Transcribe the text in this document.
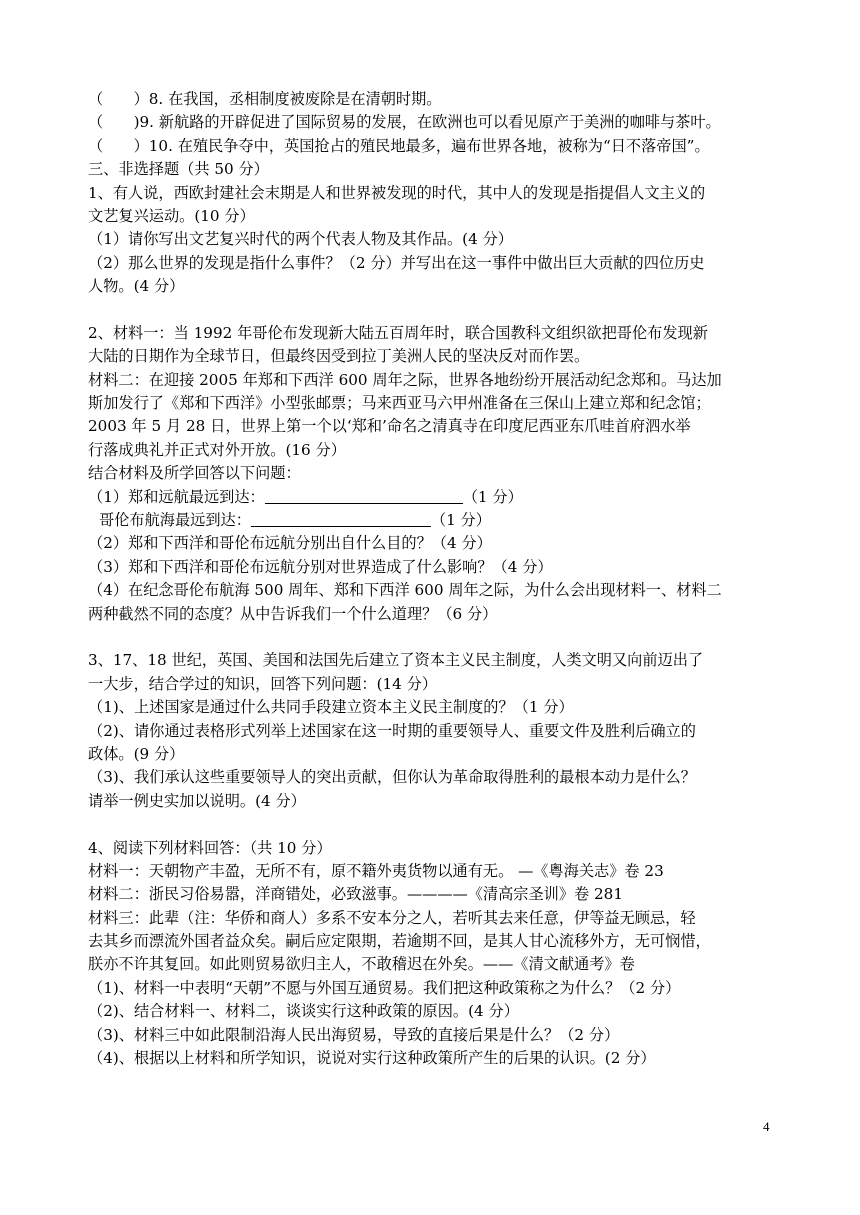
（　　）8. 在我国，丞相制度被废除是在清朝时期。
（　　)9. 新航路的开辟促进了国际贸易的发展，在欧洲也可以看见原产于美洲的咖啡与茶叶。
（　　）10. 在殖民争夺中，英国抢占的殖民地最多，遍布世界各地，被称为“日不落帝国”。
三、非选择题（共 50 分）
1、有人说，西欧封建社会末期是人和世界被发现的时代，其中人的发现是指提倡人文主义的
文艺复兴运动。(10 分）
（1）请你写出文艺复兴时代的两个代表人物及其作品。(4 分）
（2）那么世界的发现是指什么事件？（2 分）并写出在这一事件中做出巨大贡献的四位历史
人物。(4 分）
2、材料一：当 1992 年哥伦布发现新大陆五百周年时，联合国教科文组织欲把哥伦布发现新
大陆的日期作为全球节日，但最终因受到拉丁美洲人民的坚决反对而作罢。
材料二：在迎接 2005 年郑和下西洋 600 周年之际，世界各地纷纷开展活动纪念郑和。马达加
斯加发行了《郑和下西洋》小型张邮票；马来西亚马六甲州准备在三保山上建立郑和纪念馆；
2003 年 5 月 28 日，世界上第一个以‘郑和’命名之清真寺在印度尼西亚东爪哇首府泗水举
行落成典礼并正式对外开放。(16 分）
结合材料及所学回答以下问题：
（1）郑和远航最远到达：	（1 分）
哥伦布航海最远到达：	（1 分）
（2）郑和下西洋和哥伦布远航分别出自什么目的？（4 分）
（3）郑和下西洋和哥伦布远航分别对世界造成了什么影响？（4 分）
（4）在纪念哥伦布航海 500 周年、郑和下西洋 600 周年之际，为什么会出现材料一、材料二
两种截然不同的态度？从中告诉我们一个什么道理？（6 分）
3、17、18 世纪，英国、美国和法国先后建立了资本主义民主制度，人类文明又向前迈出了
一大步，结合学过的知识，回答下列问题：(14 分）
（1)、上述国家是通过什么共同手段建立资本主义民主制度的？（1 分）
（2)、请你通过表格形式列举上述国家在这一时期的重要领导人、重要文件及胜利后确立的
政体。(9 分）
（3)、我们承认这些重要领导人的突出贡献，但你认为革命取得胜利的最根本动力是什么？
请举一例史实加以说明。(4 分）
4、阅读下列材料回答：（共 10 分）
材料一：天朝物产丰盈，无所不有，原不籍外夷货物以通有无。 —《粤海关志》卷 23
材料二：浙民习俗易嚣，洋商错处，必致滋事。————《清高宗圣训》卷 281
材料三：此辈（注：华侨和商人）多系不安本分之人，若听其去来任意，伊等益无顾忌，轻
去其乡而漂流外国者益众矣。嗣后应定限期，若逾期不回，是其人甘心流移外方，无可悯惜，
朕亦不许其复回。如此则贸易欲归主人，不敢稽迟在外矣。——《清文献通考》卷
（1)、材料一中表明“天朝”不愿与外国互通贸易。我们把这种政策称之为什么？（2 分）
（2)、结合材料一、材料二，谈谈实行这种政策的原因。(4 分）
（3)、材料三中如此限制沿海人民出海贸易，导致的直接后果是什么？（2 分）
（4)、根据以上材料和所学知识，说说对实行这种政策所产生的后果的认识。(2 分）
4
